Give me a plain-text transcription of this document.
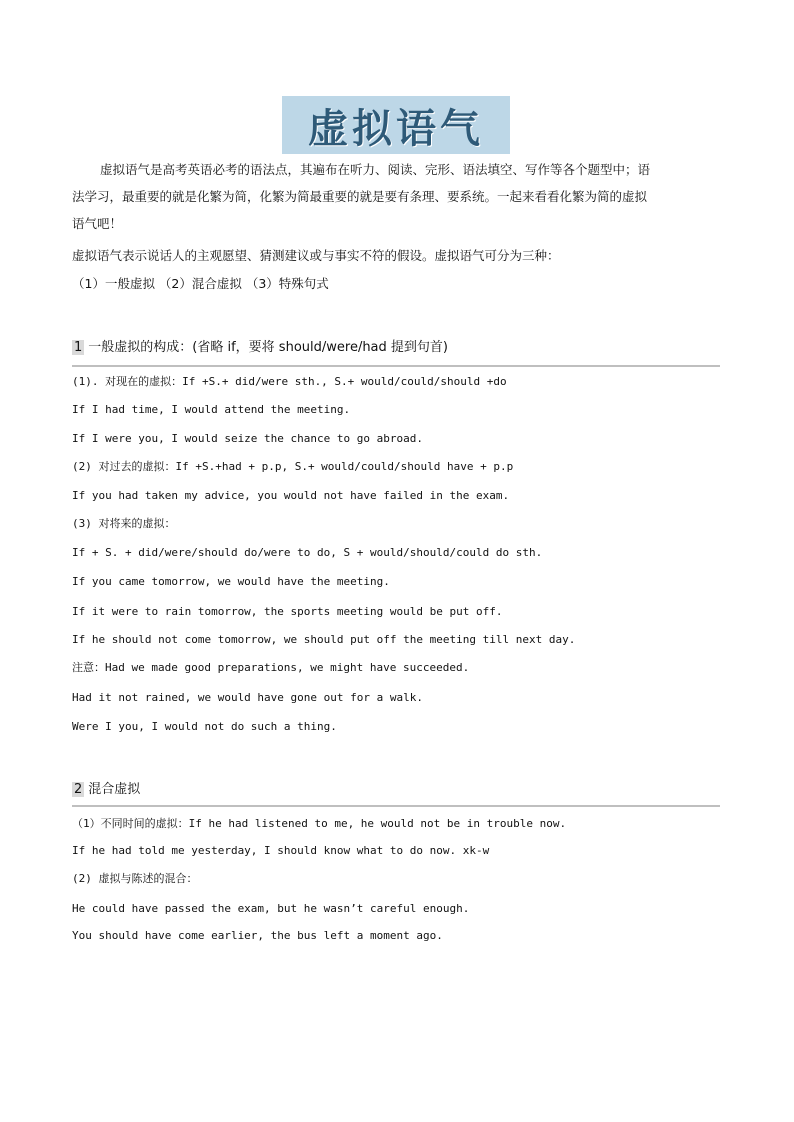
虚拟语气
虚拟语气是高考英语必考的语法点，其遍布在听力、阅读、完形、语法填空、写作等各个题型中；语
法学习，最重要的就是化繁为简，化繁为简最重要的就是要有条理、要系统。一起来看看化繁为简的虚拟
语气吧！
虚拟语气表示说话人的主观愿望、猜测建议或与事实不符的假设。虚拟语气可分为三种：
（1）一般虚拟 （2）混合虚拟 （3）特殊句式
1 一般虚拟的构成：(省略 if，要将 should/were/had 提到句首)
(1). 对现在的虚拟：If +S.+ did/were sth., S.+ would/could/should +do
If I had time, I would attend the meeting.
If I were you, I would seize the chance to go abroad.
(2) 对过去的虚拟：If +S.+had + p.p, S.+ would/could/should have + p.p
If you had taken my advice, you would not have failed in the exam.
(3) 对将来的虚拟：
If + S. + did/were/should do/were to do, S + would/should/could do sth.
If you came tomorrow, we would have the meeting.
If it were to rain tomorrow, the sports meeting would be put off.
If he should not come tomorrow, we should put off the meeting till next day.
注意：Had we made good preparations, we might have succeeded.
Had it not rained, we would have gone out for a walk.
Were I you, I would not do such a thing.
2 混合虚拟
（1）不同时间的虚拟：If he had listened to me, he would not be in trouble now.
If he had told me yesterday, I should know what to do now. xk-w
(2) 虚拟与陈述的混合：
He could have passed the exam, but he wasn’t careful enough.
You should have come earlier, the bus left a moment ago.
